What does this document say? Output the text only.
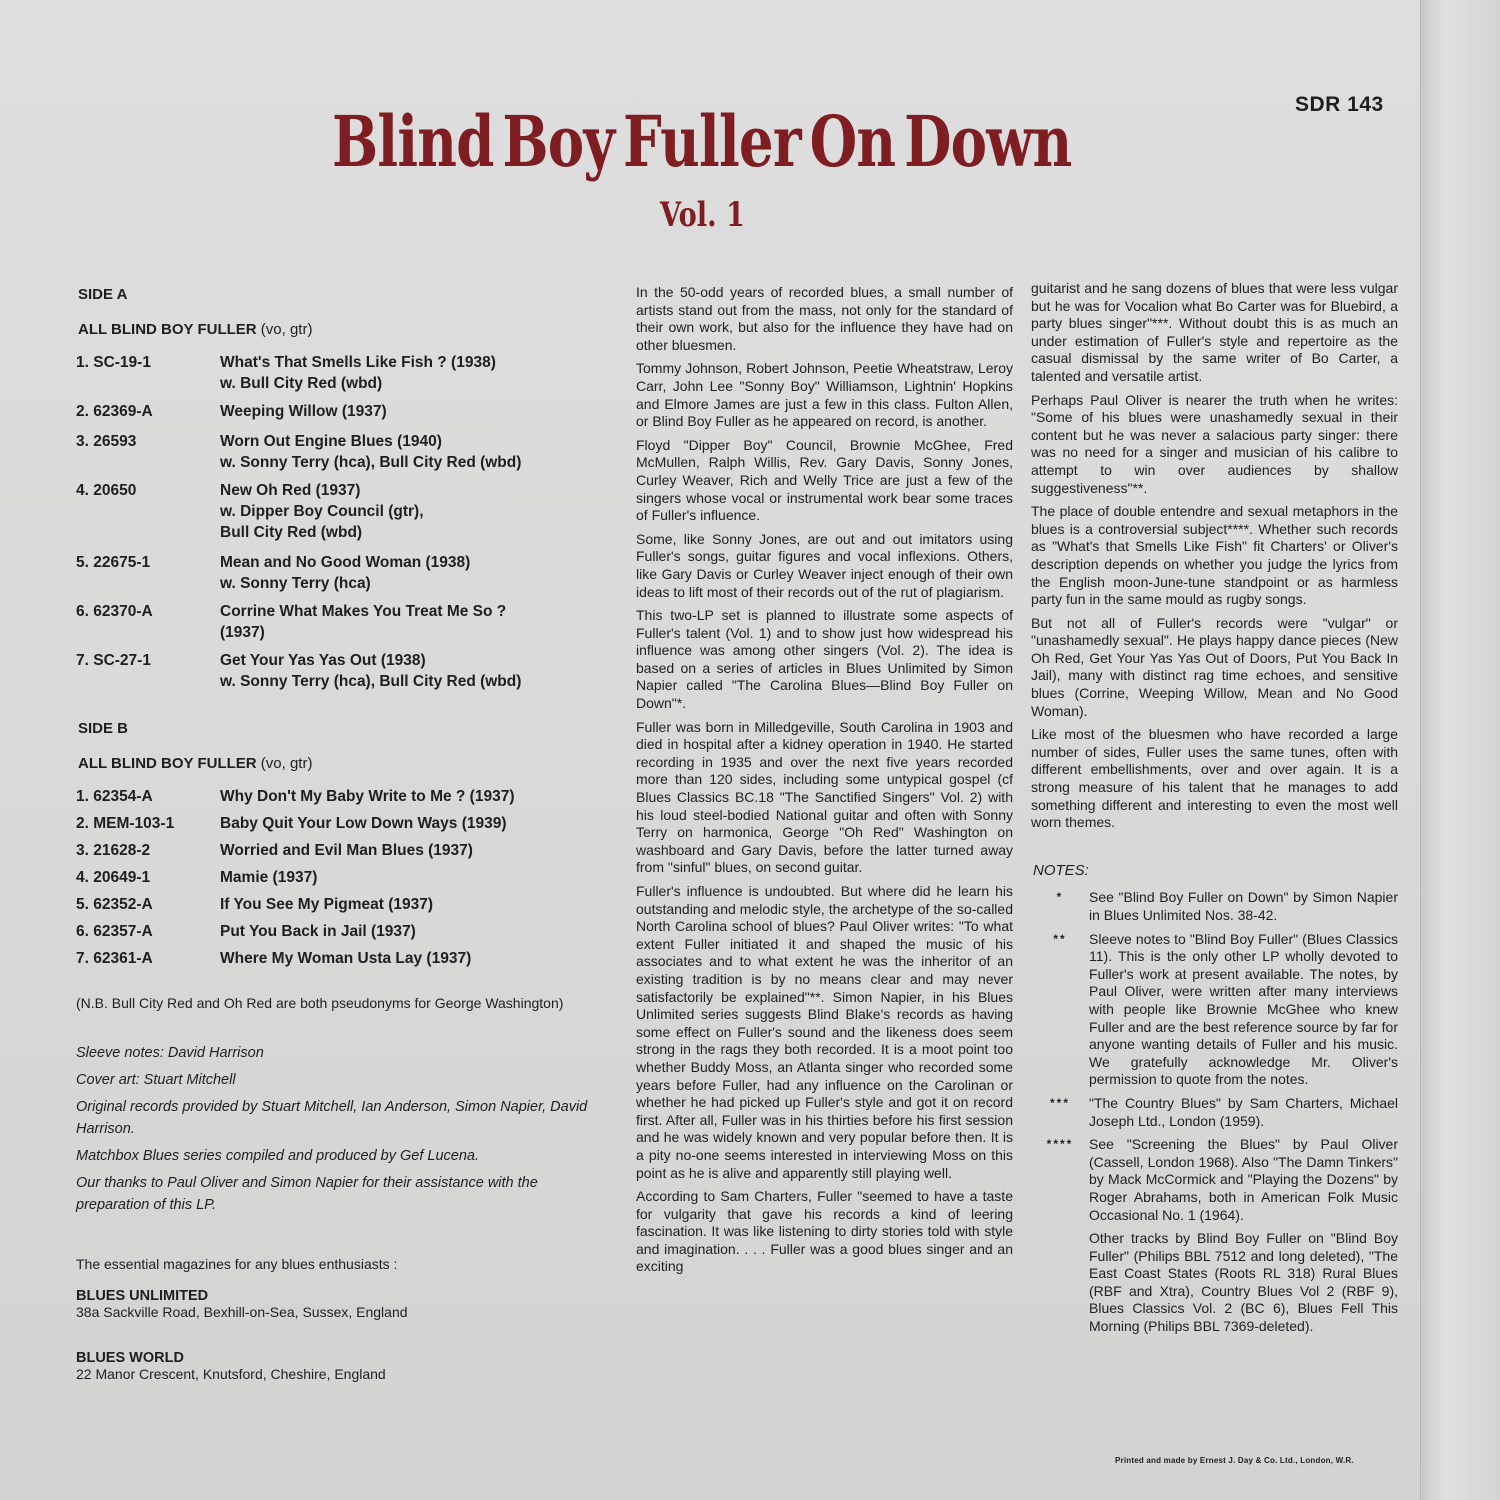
SDR 143
Blind Boy Fuller On Down
Vol. 1
SIDE A
ALL BLIND BOY FULLER (vo, gtr)
1. SC-19-1	What's That Smells Like Fish ? (1938)
w. Bull City Red (wbd)
2. 62369-A	Weeping Willow (1937)
3. 26593	Worn Out Engine Blues (1940)
w. Sonny Terry (hca), Bull City Red (wbd)
4. 20650	New Oh Red (1937)
w. Dipper Boy Council (gtr),
Bull City Red (wbd)
5. 22675-1	Mean and No Good Woman (1938)
w. Sonny Terry (hca)
6. 62370-A	Corrine What Makes You Treat Me So ?
(1937)
7. SC-27-1	Get Your Yas Yas Out (1938)
w. Sonny Terry (hca), Bull City Red (wbd)
SIDE B
ALL BLIND BOY FULLER (vo, gtr)
1. 62354-A	Why Don't My Baby Write to Me ? (1937)
2. MEM-103-1	Baby Quit Your Low Down Ways (1939)
3. 21628-2	Worried and Evil Man Blues (1937)
4. 20649-1	Mamie (1937)
5. 62352-A	If You See My Pigmeat (1937)
6. 62357-A	Put You Back in Jail (1937)
7. 62361-A	Where My Woman Usta Lay (1937)
(N.B. Bull City Red and Oh Red are both pseudonyms for George Washington)
Sleeve notes: David Harrison
Cover art: Stuart Mitchell
Original records provided by Stuart Mitchell, Ian Anderson, Simon Napier, David Harrison.
Matchbox Blues series compiled and produced by Gef Lucena.
Our thanks to Paul Oliver and Simon Napier for their assistance with the preparation of this LP.
The essential magazines for any blues enthusiasts :
BLUES UNLIMITED
38a Sackville Road, Bexhill-on-Sea, Sussex, England
BLUES WORLD
22 Manor Crescent, Knutsford, Cheshire, England

In the 50-odd years of recorded blues, a small number of artists stand out from the mass, not only for the standard of their own work, but also for the influence they have had on other bluesmen.

Tommy Johnson, Robert Johnson, Peetie Wheatstraw, Leroy Carr, John Lee "Sonny Boy" Williamson, Lightnin' Hopkins and Elmore James are just a few in this class. Fulton Allen, or Blind Boy Fuller as he appeared on record, is another.

Floyd "Dipper Boy" Council, Brownie McGhee, Fred McMullen, Ralph Willis, Rev. Gary Davis, Sonny Jones, Curley Weaver, Rich and Welly Trice are just a few of the singers whose vocal or instrumental work bear some traces of Fuller's influence.

Some, like Sonny Jones, are out and out imitators using Fuller's songs, guitar figures and vocal inflexions. Others, like Gary Davis or Curley Weaver inject enough of their own ideas to lift most of their records out of the rut of plagiarism.

This two-LP set is planned to illustrate some aspects of Fuller's talent (Vol. 1) and to show just how widespread his influence was among other singers (Vol. 2). The idea is based on a series of articles in Blues Unlimited by Simon Napier called "The Carolina Blues—Blind Boy Fuller on Down"*.

Fuller was born in Milledgeville, South Carolina in 1903 and died in hospital after a kidney operation in 1940. He started recording in 1935 and over the next five years recorded more than 120 sides, including some untypical gospel (cf Blues Classics BC.18 "The Sanctified Singers" Vol. 2) with his loud steel-bodied National guitar and often with Sonny Terry on harmonica, George "Oh Red" Washington on washboard and Gary Davis, before the latter turned away from "sinful" blues, on second guitar.

Fuller's influence is undoubted. But where did he learn his outstanding and melodic style, the archetype of the so-called North Carolina school of blues? Paul Oliver writes: "To what extent Fuller initiated it and shaped the music of his associates and to what extent he was the inheritor of an existing tradition is by no means clear and may never satisfactorily be explained"**. Simon Napier, in his Blues Unlimited series suggests Blind Blake's records as having some effect on Fuller's sound and the likeness does seem strong in the rags they both recorded. It is a moot point too whether Buddy Moss, an Atlanta singer who recorded some years before Fuller, had any influence on the Carolinan or whether he had picked up Fuller's style and got it on record first. After all, Fuller was in his thirties before his first session and he was widely known and very popular before then. It is a pity no-one seems interested in interviewing Moss on this point as he is alive and apparently still playing well.

According to Sam Charters, Fuller "seemed to have a taste for vulgarity that gave his records a kind of leering fascination. It was like listening to dirty stories told with style and imagination. . . . Fuller was a good blues singer and an exciting

guitarist and he sang dozens of blues that were less vulgar but he was for Vocalion what Bo Carter was for Bluebird, a party blues singer"***. Without doubt this is as much an under estimation of Fuller's style and repertoire as the casual dismissal by the same writer of Bo Carter, a talented and versatile artist.

Perhaps Paul Oliver is nearer the truth when he writes: "Some of his blues were unashamedly sexual in their content but he was never a salacious party singer: there was no need for a singer and musician of his calibre to attempt to win over audiences by shallow suggestiveness"**.

The place of double entendre and sexual metaphors in the blues is a controversial subject****. Whether such records as "What's that Smells Like Fish" fit Charters' or Oliver's description depends on whether you judge the lyrics from the English moon-June-tune standpoint or as harmless party fun in the same mould as rugby songs.

But not all of Fuller's records were "vulgar" or "unashamedly sexual". He plays happy dance pieces (New Oh Red, Get Your Yas Yas Out of Doors, Put You Back In Jail), many with distinct rag time echoes, and sensitive blues (Corrine, Weeping Willow, Mean and No Good Woman).

Like most of the bluesmen who have recorded a large number of sides, Fuller uses the same tunes, often with different embellishments, over and over again. It is a strong measure of his talent that he manages to add something different and interesting to even the most well worn themes.

NOTES:
*	See "Blind Boy Fuller on Down" by Simon Napier in Blues Unlimited Nos. 38-42.
**	Sleeve notes to "Blind Boy Fuller" (Blues Classics 11). This is the only other LP wholly devoted to Fuller's work at present available. The notes, by Paul Oliver, were written after many interviews with people like Brownie McGhee who knew Fuller and are the best reference source by far for anyone wanting details of Fuller and his music. We gratefully acknowledge Mr. Oliver's permission to quote from the notes.
***	"The Country Blues" by Sam Charters, Michael Joseph Ltd., London (1959).
****	See "Screening the Blues" by Paul Oliver (Cassell, London 1968). Also "The Damn Tinkers" by Mack McCormick and "Playing the Dozens" by Roger Abrahams, both in American Folk Music Occasional No. 1 (1964).
Other tracks by Blind Boy Fuller on "Blind Boy Fuller" (Philips BBL 7512 and long deleted), "The East Coast States (Roots RL 318) Rural Blues (RBF and Xtra), Country Blues Vol 2 (RBF 9), Blues Classics Vol. 2 (BC 6), Blues Fell This Morning (Philips BBL 7369-deleted).
Printed and made by Ernest J. Day & Co. Ltd., London, W.R.
